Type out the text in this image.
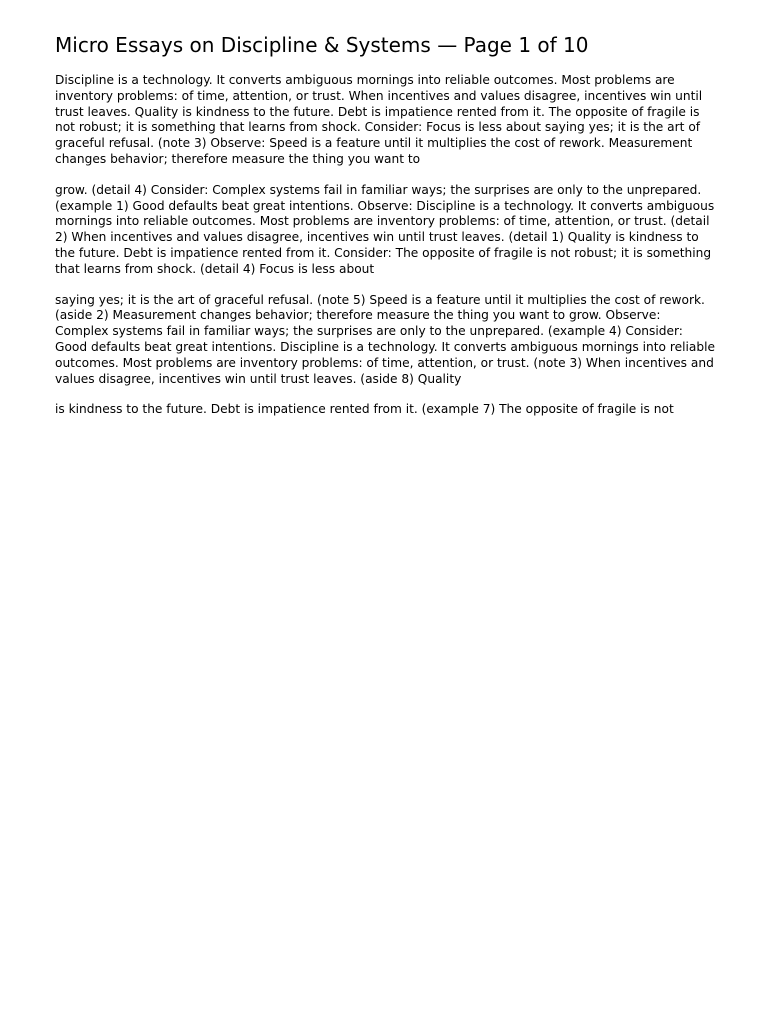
Micro Essays on Discipline & Systems — Page 1 of 10

Discipline is a technology. It converts ambiguous mornings into reliable outcomes. Most problems are inventory problems: of time, attention, or trust. When incentives and values disagree, incentives win until trust leaves. Quality is kindness to the future. Debt is impatience rented from it. The opposite of fragile is not robust; it is something that learns from shock. Consider: Focus is less about saying yes; it is the art of graceful refusal. (note 3) Observe: Speed is a feature until it multiplies the cost of rework. Measurement changes behavior; therefore measure the thing you want to

grow. (detail 4) Consider: Complex systems fail in familiar ways; the surprises are only to the unprepared. (example 1) Good defaults beat great intentions. Observe: Discipline is a technology. It converts ambiguous mornings into reliable outcomes. Most problems are inventory problems: of time, attention, or trust. (detail 2) When incentives and values disagree, incentives win until trust leaves. (detail 1) Quality is kindness to the future. Debt is impatience rented from it. Consider: The opposite of fragile is not robust; it is something that learns from shock. (detail 4) Focus is less about

saying yes; it is the art of graceful refusal. (note 5) Speed is a feature until it multiplies the cost of rework. (aside 2) Measurement changes behavior; therefore measure the thing you want to grow. Observe: Complex systems fail in familiar ways; the surprises are only to the unprepared. (example 4) Consider: Good defaults beat great intentions. Discipline is a technology. It converts ambiguous mornings into reliable outcomes. Most problems are inventory problems: of time, attention, or trust. (note 3) When incentives and values disagree, incentives win until trust leaves. (aside 8) Quality

is kindness to the future. Debt is impatience rented from it. (example 7) The opposite of fragile is not
